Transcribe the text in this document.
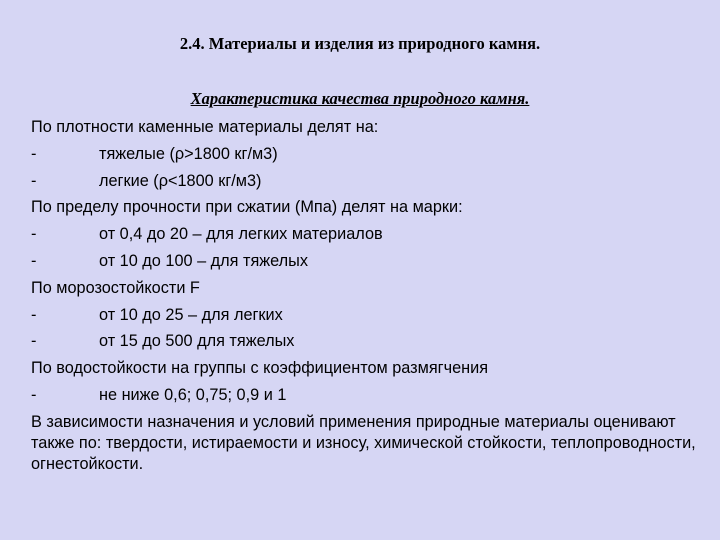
2.4. Материалы и изделия из природного камня.
Характеристика качества природного камня.
По плотности каменные материалы делят на:
-	тяжелые (ρ>1800 кг/м3)
-	легкие (ρ<1800 кг/м3)
По пределу прочности при сжатии (Мпа) делят на марки:
-	от 0,4 до 20 – для легких материалов
-	от 10 до 100 – для тяжелых
По морозостойкости F
-	от 10 до 25 – для легких
-	от 15 до 500 для тяжелых
По водостойкости на группы с коэффициентом размягчения
-	не ниже 0,6; 0,75; 0,9 и 1
В зависимости назначения и условий применения природные материалы оценивают также по: твердости, истираемости и износу, химической стойкости, теплопроводности, огнестойкости.
